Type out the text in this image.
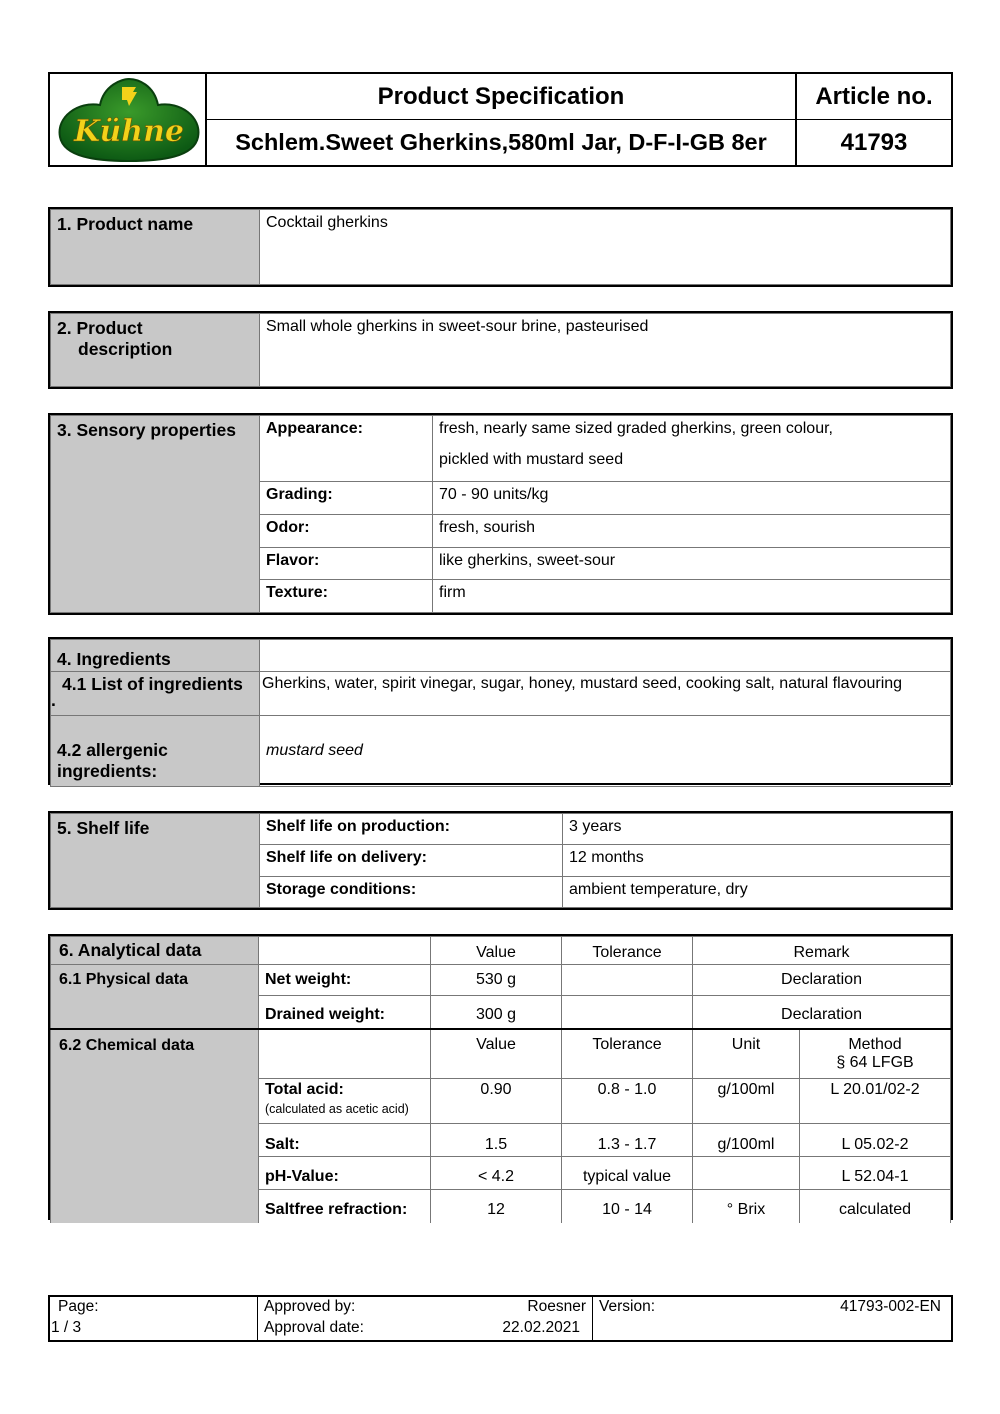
Kühne
Product Specification	Article no.
Schlem.Sweet Gherkins,580ml Jar, D-F-I-GB 8er	41793
1. Product name	Cocktail gherkins
2. Product
description
	Small whole gherkins in sweet-sour brine, pasteurised
3. Sensory properties	Appearance:	fresh, nearly same sized graded gherkins, green colour,
pickled with mustard seed

	Grading:	70 - 90 units/kg
	Odor:	fresh, sourish
	Flavor:	like gherkins, sweet-sour
	Texture:	firm
4. Ingredients	

4.1 List of ingredients
.	Gherkins, water, spirit vinegar, sugar, honey, mustard seed, cooking salt, natural flavouring

4.2 allergenic
ingredients:	mustard seed
5. Shelf life	Shelf life on production:	3 years
	Shelf life on delivery:	12 months
	Storage conditions:	ambient temperature, dry
6. Analytical data		Value	Tolerance	Remark	
6.1 Physical data	Net weight:	530 g		Declaration	
	Drained weight:	300 g		Declaration	
6.2 Chemical data		Value	Tolerance	Unit	Method
§ 64 LFGB

	Total acid:
(calculated as acetic acid)	0.90	0.8 - 1.0	g/100ml	L 20.01/02-2
	Salt:	1.5	1.3 - 1.7	g/100ml	L 05.02-2
	pH-Value:	< 4.2	typical value		L 52.04-1
	Saltfree refraction:	12	10 - 14	° Brix	calculated
Page:
1 / 3

Approved by:	Roesner
Approval date:	22.02.2021

Version:	41793-002-EN
